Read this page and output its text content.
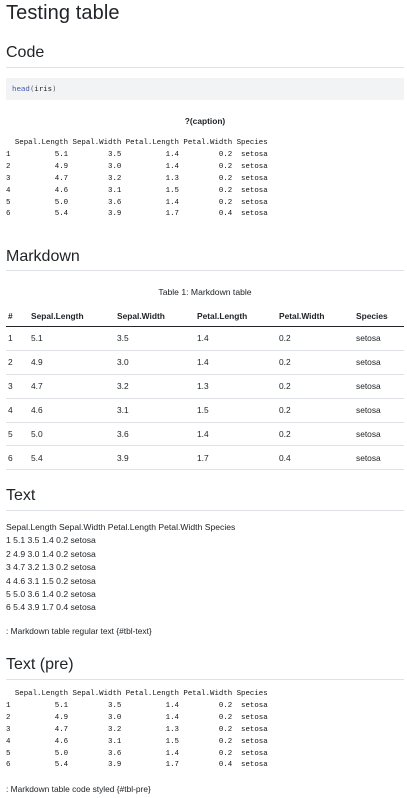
Testing table
Code
head(iris)
?(caption)
Sepal.Length Sepal.Width Petal.Length Petal.Width Species
1          5.1         3.5          1.4         0.2  setosa
2          4.9         3.0          1.4         0.2  setosa
3          4.7         3.2          1.3         0.2  setosa
4          4.6         3.1          1.5         0.2  setosa
5          5.0         3.6          1.4         0.2  setosa
6          5.4         3.9          1.7         0.4  setosa
Markdown
Table 1: Markdown table
#	Sepal.Length	Sepal.Width	Petal.Length	Petal.Width	Species
1	5.1	3.5	1.4	0.2	setosa
2	4.9	3.0	1.4	0.2	setosa
3	4.7	3.2	1.3	0.2	setosa
4	4.6	3.1	1.5	0.2	setosa
5	5.0	3.6	1.4	0.2	setosa
6	5.4	3.9	1.7	0.4	setosa
Text
Sepal.Length Sepal.Width Petal.Length Petal.Width Species
1 5.1 3.5 1.4 0.2 setosa
2 4.9 3.0 1.4 0.2 setosa
3 4.7 3.2 1.3 0.2 setosa
4 4.6 3.1 1.5 0.2 setosa
5 5.0 3.6 1.4 0.2 setosa
6 5.4 3.9 1.7 0.4 setosa
: Markdown table regular text {#tbl-text}
Text (pre)
Sepal.Length Sepal.Width Petal.Length Petal.Width Species
1          5.1         3.5          1.4         0.2  setosa
2          4.9         3.0          1.4         0.2  setosa
3          4.7         3.2          1.3         0.2  setosa
4          4.6         3.1          1.5         0.2  setosa
5          5.0         3.6          1.4         0.2  setosa
6          5.4         3.9          1.7         0.4  setosa
: Markdown table code styled {#tbl-pre}
